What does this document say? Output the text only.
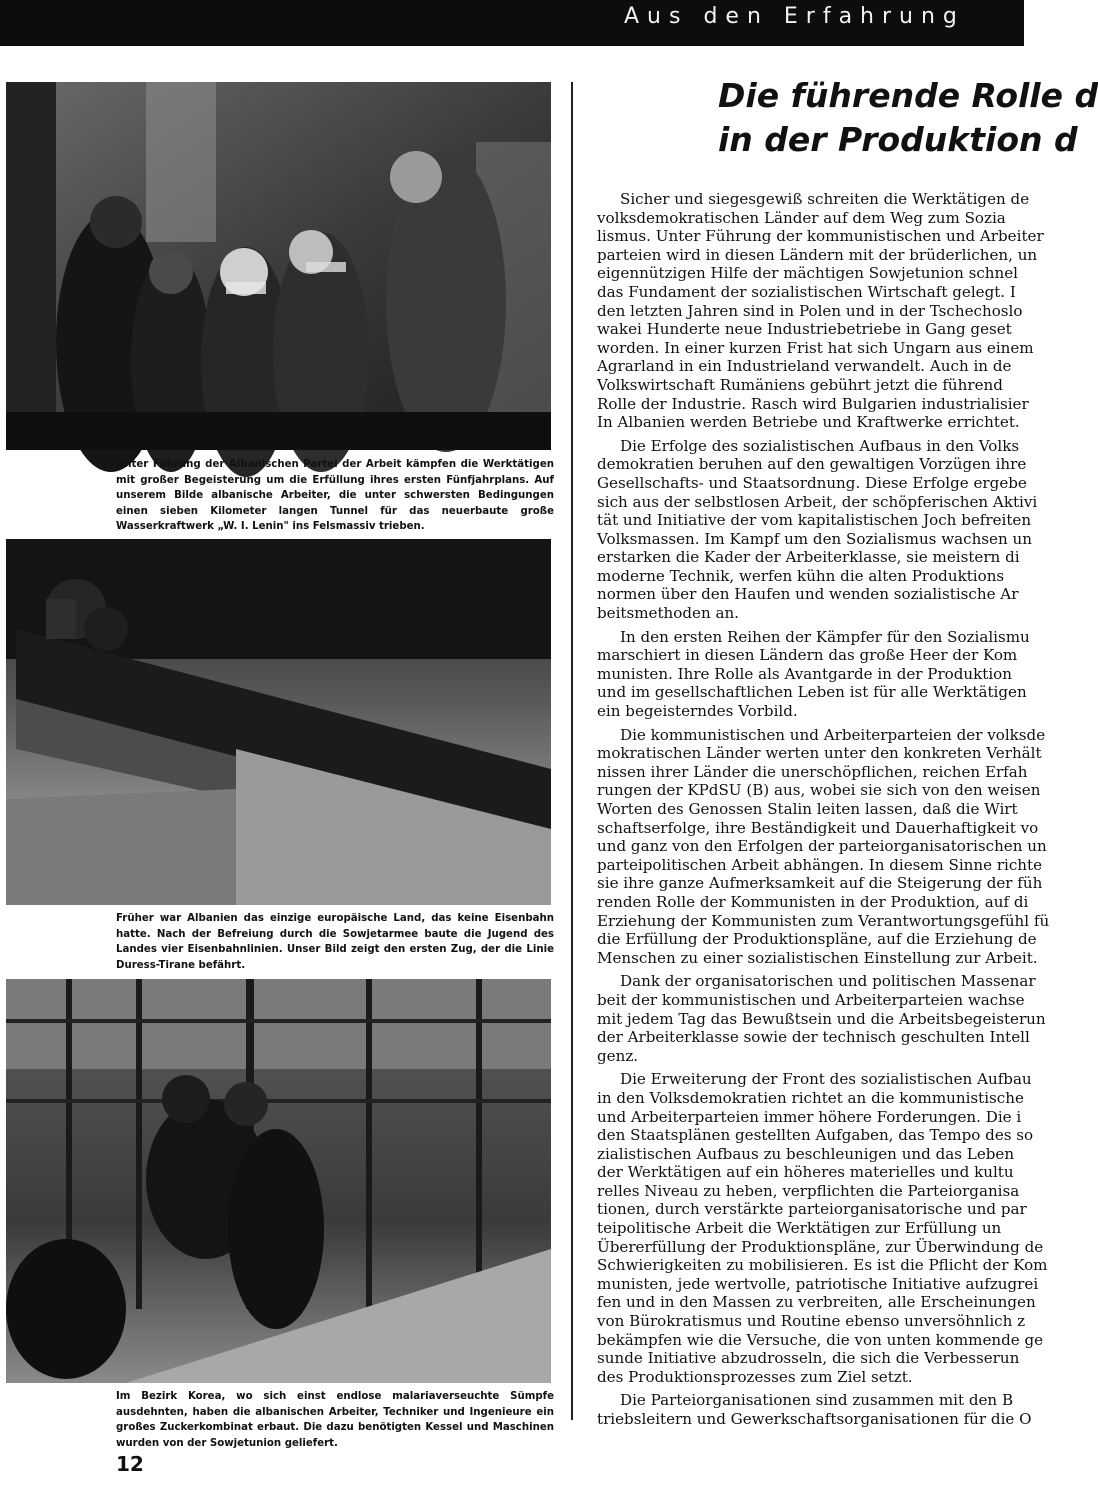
Aus den Erfahrung

Unter Führung der Albanischen Partei der Arbeit kämpfen die Werktätigen mit großer Begeisterung um die Erfüllung ihres ersten Fünfjahrplans. Auf unserem Bilde albanische Arbeiter, die unter schwersten Bedingungen einen sieben Kilometer langen Tunnel für das neuerbaute große Wasserkraftwerk „W. I. Lenin" ins Felsmassiv trieben.

Früher war Albanien das einzige europäische Land, das keine Eisenbahn hatte. Nach der Befreiung durch die Sowjetarmee baute die Jugend des Landes vier Eisenbahnlinien. Unser Bild zeigt den ersten Zug, der die Linie Duress-Tirane befährt.

Im Bezirk Korea, wo sich einst endlose malariaverseuchte Sümpfe ausdehnten, haben die albanischen Arbeiter, Techniker und Ingenieure ein großes Zuckerkombinat erbaut. Die dazu benötigten Kessel und Maschinen wurden von der Sowjetunion geliefert.

12
Die führende Rolle d
in der Produktion d

Sicher und siegesgewiß schreiten die Werktätigen de
volksdemokratischen Länder auf dem Weg zum Sozia
lismus. Unter Führung der kommunistischen und Arbeiter
parteien wird in diesen Ländern mit der brüderlichen, un
eigennützigen Hilfe der mächtigen Sowjetunion schnel
das Fundament der sozialistischen Wirtschaft gelegt. I
den letzten Jahren sind in Polen und in der Tschechoslo
wakei Hunderte neue Industriebetriebe in Gang geset
worden. In einer kurzen Frist hat sich Ungarn aus einem
Agrarland in ein Industrieland verwandelt. Auch in de
Volkswirtschaft Rumäniens gebührt jetzt die führend
Rolle der Industrie. Rasch wird Bulgarien industrialisier
In Albanien werden Betriebe und Kraftwerke errichtet.

Die Erfolge des sozialistischen Aufbaus in den Volks
demokratien beruhen auf den gewaltigen Vorzügen ihre
Gesellschafts- und Staatsordnung. Diese Erfolge ergebe
sich aus der selbstlosen Arbeit, der schöpferischen Aktivi
tät und Initiative der vom kapitalistischen Joch befreiten
Volksmassen. Im Kampf um den Sozialismus wachsen un
erstarken die Kader der Arbeiterklasse, sie meistern di
moderne Technik, werfen kühn die alten Produktions
normen über den Haufen und wenden sozialistische Ar
beitsmethoden an.

In den ersten Reihen der Kämpfer für den Sozialismu
marschiert in diesen Ländern das große Heer der Kom
munisten. Ihre Rolle als Avantgarde in der Produktion
und im gesellschaftlichen Leben ist für alle Werktätigen
ein begeisterndes Vorbild.

Die kommunistischen und Arbeiterparteien der volksde
mokratischen Länder werten unter den konkreten Verhält
nissen ihrer Länder die unerschöpflichen, reichen Erfah
rungen der KPdSU (B) aus, wobei sie sich von den weisen
Worten des Genossen Stalin leiten lassen, daß die Wirt
schaftserfolge, ihre Beständigkeit und Dauerhaftigkeit vo
und ganz von den Erfolgen der parteiorganisatorischen un
parteipolitischen Arbeit abhängen. In diesem Sinne richte
sie ihre ganze Aufmerksamkeit auf die Steigerung der füh
renden Rolle der Kommunisten in der Produktion, auf di
Erziehung der Kommunisten zum Verantwortungsgefühl fü
die Erfüllung der Produktionspläne, auf die Erziehung de
Menschen zu einer sozialistischen Einstellung zur Arbeit.

Dank der organisatorischen und politischen Massenar
beit der kommunistischen und Arbeiterparteien wachse
mit jedem Tag das Bewußtsein und die Arbeitsbegeisterun
der Arbeiterklasse sowie der technisch geschulten Intell
genz.

Die Erweiterung der Front des sozialistischen Aufbau
in den Volksdemokratien richtet an die kommunistische
und Arbeiterparteien immer höhere Forderungen. Die i
den Staatsplänen gestellten Aufgaben, das Tempo des so
zialistischen Aufbaus zu beschleunigen und das Leben
der Werktätigen auf ein höheres materielles und kultu
relles Niveau zu heben, verpflichten die Parteiorganisa
tionen, durch verstärkte parteiorganisatorische und par
teipolitische Arbeit die Werktätigen zur Erfüllung un
Übererfüllung der Produktionspläne, zur Überwindung de
Schwierigkeiten zu mobilisieren. Es ist die Pflicht der Kom
munisten, jede wertvolle, patriotische Initiative aufzugrei
fen und in den Massen zu verbreiten, alle Erscheinungen
von Bürokratismus und Routine ebenso unversöhnlich z
bekämpfen wie die Versuche, die von unten kommende ge
sunde Initiative abzudrosseln, die sich die Verbesserun
des Produktionsprozesses zum Ziel setzt.

Die Parteiorganisationen sind zusammen mit den B
triebsleitern und Gewerkschaftsorganisationen für die O
